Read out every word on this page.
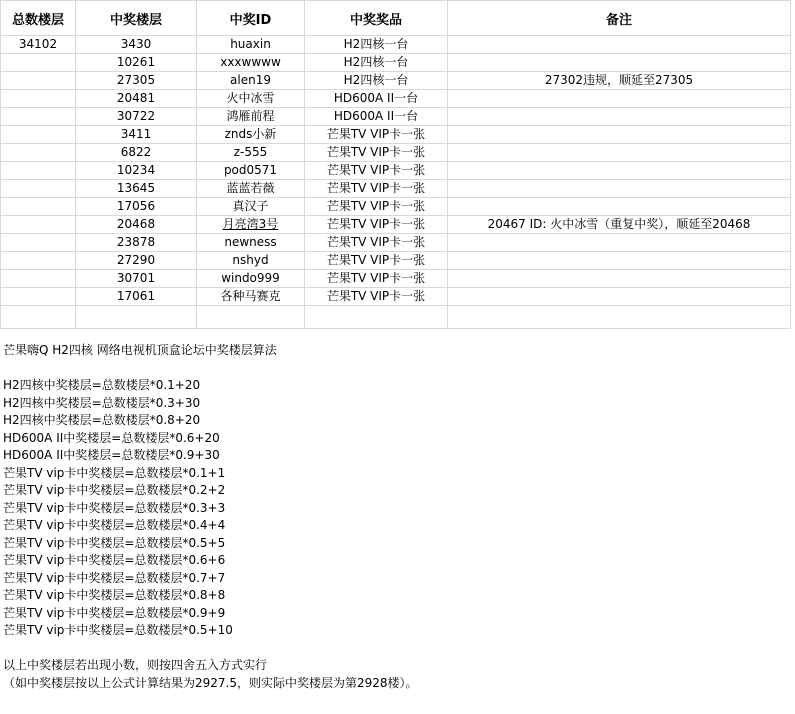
总数楼层	中奖楼层	中奖ID	中奖奖品	备注
34102	3430	huaxin	H2四核一台	
	10261	xxxwwww	H2四核一台	
	27305	alen19	H2四核一台	27302违规，顺延至27305
	20481	火中冰雪	HD600A II一台	
	30722	鸿雁前程	HD600A II一台	
	3411	znds小新	芒果TV VIP卡一张	
	6822	z-555	芒果TV VIP卡一张	
	10234	pod0571	芒果TV VIP卡一张	
	13645	蓝蓝若薇	芒果TV VIP卡一张	
	17056	真汉子	芒果TV VIP卡一张	
	20468	月亮湾3号	芒果TV VIP卡一张	20467 ID: 火中冰雪（重复中奖），顺延至20468
	23878	newness	芒果TV VIP卡一张	
	27290	nshyd	芒果TV VIP卡一张	
	30701	windo999	芒果TV VIP卡一张	
	17061	各种马赛克	芒果TV VIP卡一张	

芒果嗨Q H2四核 网络电视机顶盒论坛中奖楼层算法
H2四核中奖楼层=总数楼层*0.1+20
H2四核中奖楼层=总数楼层*0.3+30
H2四核中奖楼层=总数楼层*0.8+20
HD600A II中奖楼层=总数楼层*0.6+20
HD600A II中奖楼层=总数楼层*0.9+30
芒果TV vip卡中奖楼层=总数楼层*0.1+1
芒果TV vip卡中奖楼层=总数楼层*0.2+2
芒果TV vip卡中奖楼层=总数楼层*0.3+3
芒果TV vip卡中奖楼层=总数楼层*0.4+4
芒果TV vip卡中奖楼层=总数楼层*0.5+5
芒果TV vip卡中奖楼层=总数楼层*0.6+6
芒果TV vip卡中奖楼层=总数楼层*0.7+7
芒果TV vip卡中奖楼层=总数楼层*0.8+8
芒果TV vip卡中奖楼层=总数楼层*0.9+9
芒果TV vip卡中奖楼层=总数楼层*0.5+10
以上中奖楼层若出现小数，则按四舍五入方式实行
（如中奖楼层按以上公式计算结果为2927.5，则实际中奖楼层为第2928楼）。
